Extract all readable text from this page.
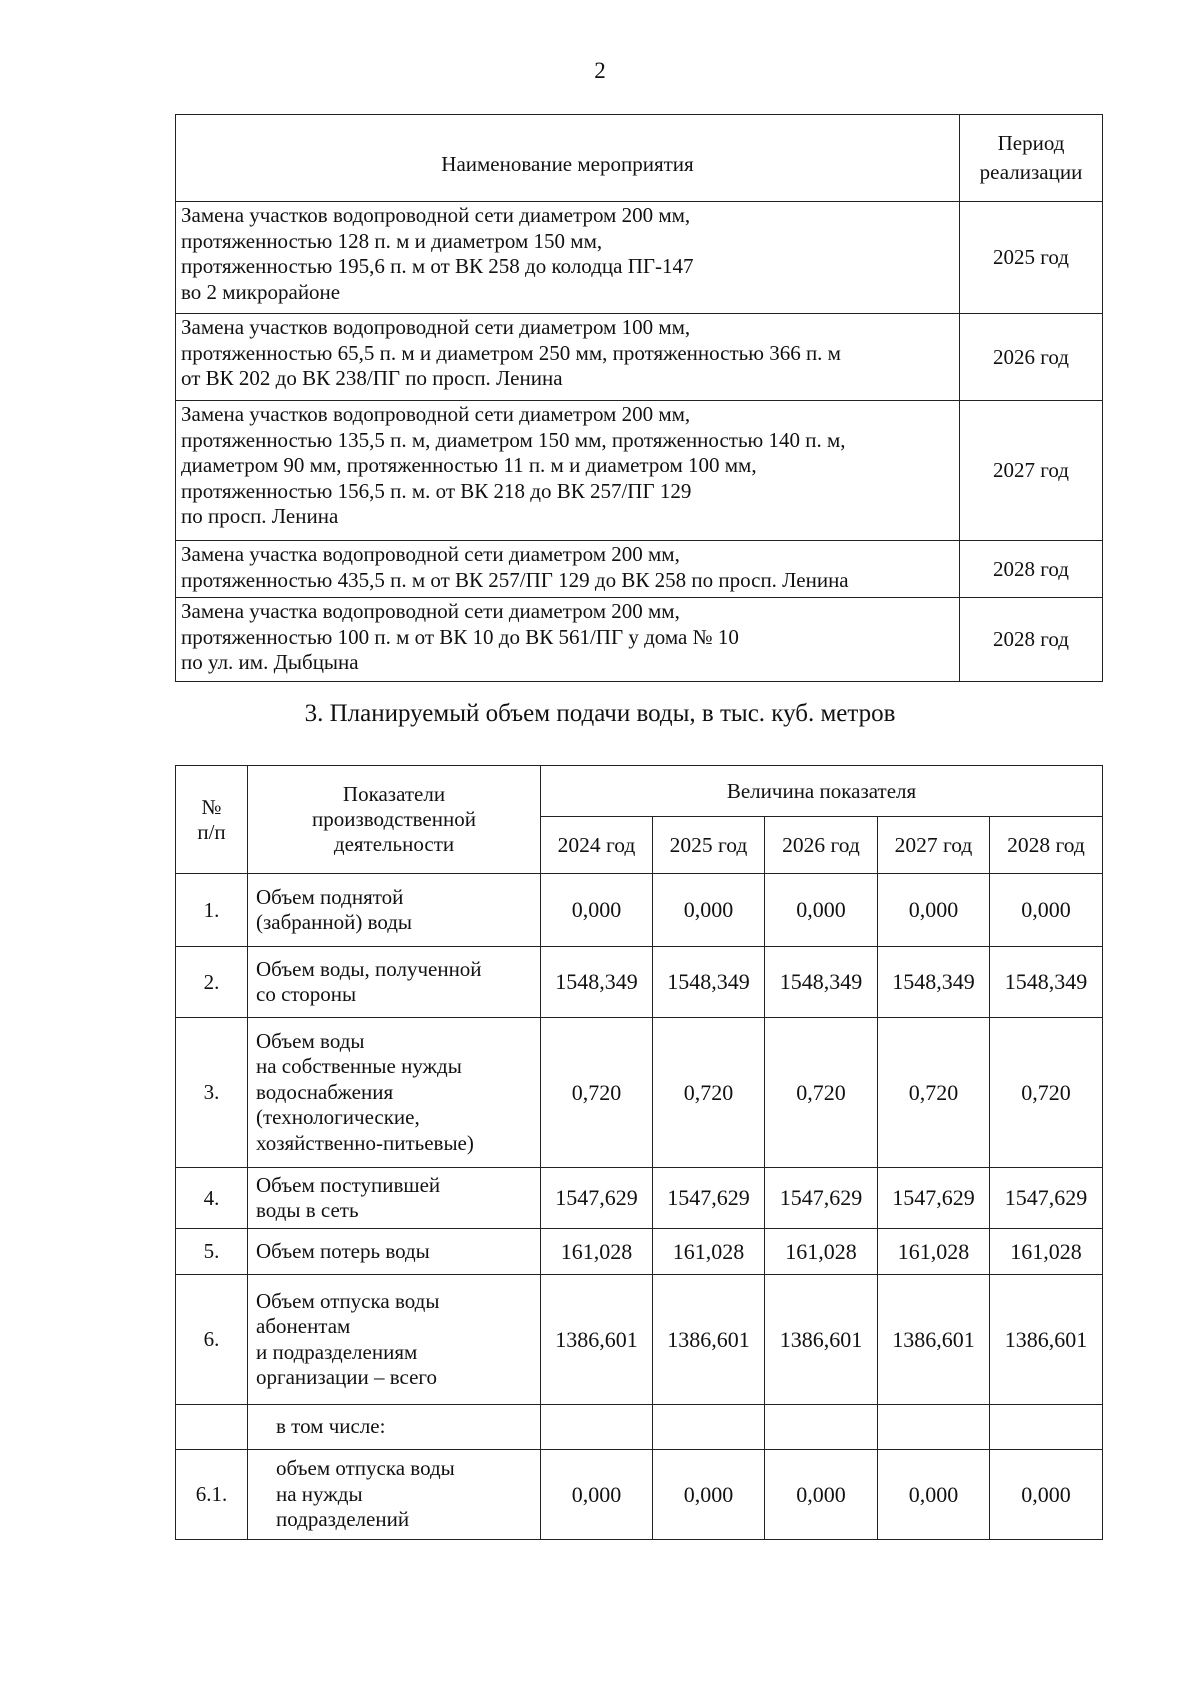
2
Наименование мероприятия	Период
реализации

Замена участков водопроводной сети диаметром 200 мм,
протяженностью 128 п. м и диаметром 150 мм,
протяженностью 195,6 п. м от ВК 258 до колодца ПГ-147
во 2 микрорайоне	2025 год

Замена участков водопроводной сети диаметром 100 мм,
протяженностью 65,5 п. м и диаметром 250 мм, протяженностью 366 п. м
от ВК 202 до ВК 238/ПГ по просп. Ленина	2026 год

Замена участков водопроводной сети диаметром 200 мм,
протяженностью 135,5 п. м, диаметром 150 мм, протяженностью 140 п. м,
диаметром 90 мм, протяженностью 11 п. м и диаметром 100 мм,
протяженностью 156,5 п. м. от ВК 218 до ВК 257/ПГ 129
по просп. Ленина	2027 год

Замена участка водопроводной сети диаметром 200 мм,
протяженностью 435,5 п. м от ВК 257/ПГ 129 до ВК 258 по просп. Ленина	2028 год

Замена участка водопроводной сети диаметром 200 мм,
протяженностью 100 п. м от ВК 10 до ВК 561/ПГ у дома № 10
по ул. им. Дыбцына	2028 год
3. Планируемый объем подачи воды, в тыс. куб. метров
№
п/п	Показатели
производственной
деятельности	Величина показателя				
		2024 год	2025 год	2026 год	2027 год	2028 год
1.	Объем поднятой
(забранной) воды	0,000	0,000	0,000	0,000	0,000
2.	Объем воды, полученной
со стороны	1548,349	1548,349	1548,349	1548,349	1548,349
3.	Объем воды
на собственные нужды
водоснабжения
(технологические,
хозяйственно-питьевые)	0,720	0,720	0,720	0,720	0,720
4.	Объем поступившей
воды в сеть	1547,629	1547,629	1547,629	1547,629	1547,629
5.	Объем потерь воды	161,028	161,028	161,028	161,028	161,028
6.	Объем отпуска воды
абонентам
и подразделениям
организации – всего	1386,601	1386,601	1386,601	1386,601	1386,601

	в том числе:					

6.1.	объем отпуска воды
на нужды
подразделений	0,000	0,000	0,000	0,000	0,000
